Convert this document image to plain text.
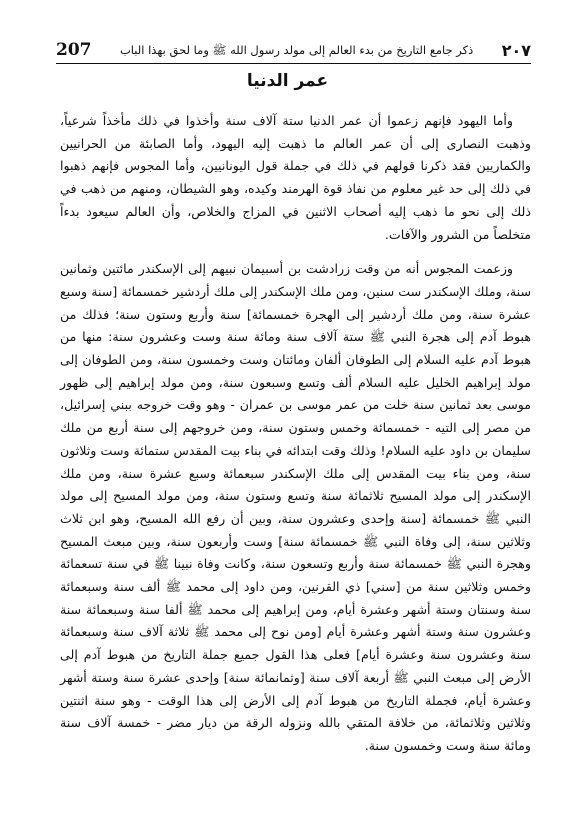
207	ذكر جامع التاريخ من بدء العالم إلى مولد رسول الله ﷺ وما لحق بهذا الباب	٢٠٧
عمر الدنيا

وأما اليهود فإنهم زعموا أن عمر الدنيا ستة آلاف سنة وأخذوا في ذلك مأخذاً شرعياً، وذهبت النصارى إلى أن عمر العالم ما ذهبت إليه اليهود، وأما الصابئة من الحرانيين والكماريين فقد ذكرنا قولهم في ذلك في جملة قول اليونانيين، وأما المجوس فإنهم ذهبوا في ذلك إلى حد غير معلوم من نفاذ قوة الهرمند وكيده، وهو الشيطان، ومنهم من ذهب في ذلك إلى نحو ما ذهب إليه أصحاب الاثنين في المزاج والخلاص، وأن العالم سيعود بدءاً متخلصاً من الشرور والآفات.

وزعمت المجوس أنه من وقت زرادشت بن أسبيمان نبيهم إلى الإسكندر مائتين وثمانين سنة، وملك الإسكندر ست سنين، ومن ملك الإسكندر إلى ملك أردشير خمسمائة [سنة وسبع عشرة سنة، ومن ملك أردشير إلى الهجرة خمسمائة] سنة وأربع وستون سنة؛ فذلك من هبوط آدم إلى هجرة النبي ﷺ ستة آلاف سنة ومائة سنة وست وعشرون سنة: منها من هبوط آدم عليه السلام إلى الطوفان ألفان ومائتان وست وخمسون سنة، ومن الطوفان إلى مولد إبراهيم الخليل عليه السلام ألف وتسع وسبعون سنة، ومن مولد إبراهيم إلى ظهور موسى بعد ثمانين سنة خلت من عمر موسى بن عمران - وهو وقت خروجه ببني إسرائيل، من مصر إلى التيه - خمسمائة وخمس وستون سنة، ومن خروجهم إلى سنة أربع من ملك سليمان بن داود عليه السلام! وذلك وقت ابتدائه في بناء بيت المقدس ستمائة وست وثلاثون سنة، ومن بناء بيت المقدس إلى ملك الإسكندر سبعمائة وسبع عشرة سنة، ومن ملك الإسكندر إلى مولد المسيح ثلاثمائة سنة وتسع وستون سنة، ومن مولد المسيح إلى مولد النبي ﷺ خمسمائة [سنة وإحدى وعشرون سنة، وبين أن رفع الله المسيح، وهو ابن ثلاث وثلاثين سنة، إلى وفاة النبي ﷺ خمسمائة سنة] وست وأربعون سنة، وبين مبعث المسيح وهجرة النبي ﷺ خمسمائة سنة وأربع وتسعون سنة، وكانت وفاة نبينا ﷺ في سنة تسعمائة وخمس وثلاثين سنة من [سني] ذي القرنين، ومن داود إلى محمد ﷺ ألف سنة وسبعمائة سنة وسنتان وستة أشهر وعشرة أيام، ومن إبراهيم إلى محمد ﷺ ألفا سنة وسبعمائة سنة وعشرون سنة وستة أشهر وعشرة أيام [ومن نوح إلى محمد ﷺ ثلاثة آلاف سنة وسبعمائة سنة وعشرون سنة وعشرة أيام] فعلى هذا القول جميع جملة التاريخ من هبوط آدم إلى الأرض إلى مبعث النبي ﷺ أربعة آلاف سنة [وثمانمائة سنة] وإحدى عشرة سنة وستة أشهر وعشرة أيام، فجملة التاريخ من هبوط آدم إلى الأرض إلى هذا الوقت - وهو سنة اثنتين وثلاثين وثلاثمائة، من خلافة المتقي بالله ونزوله الرقة من ديار مضر - خمسة آلاف سنة ومائة سنة وست وخمسون سنة.
